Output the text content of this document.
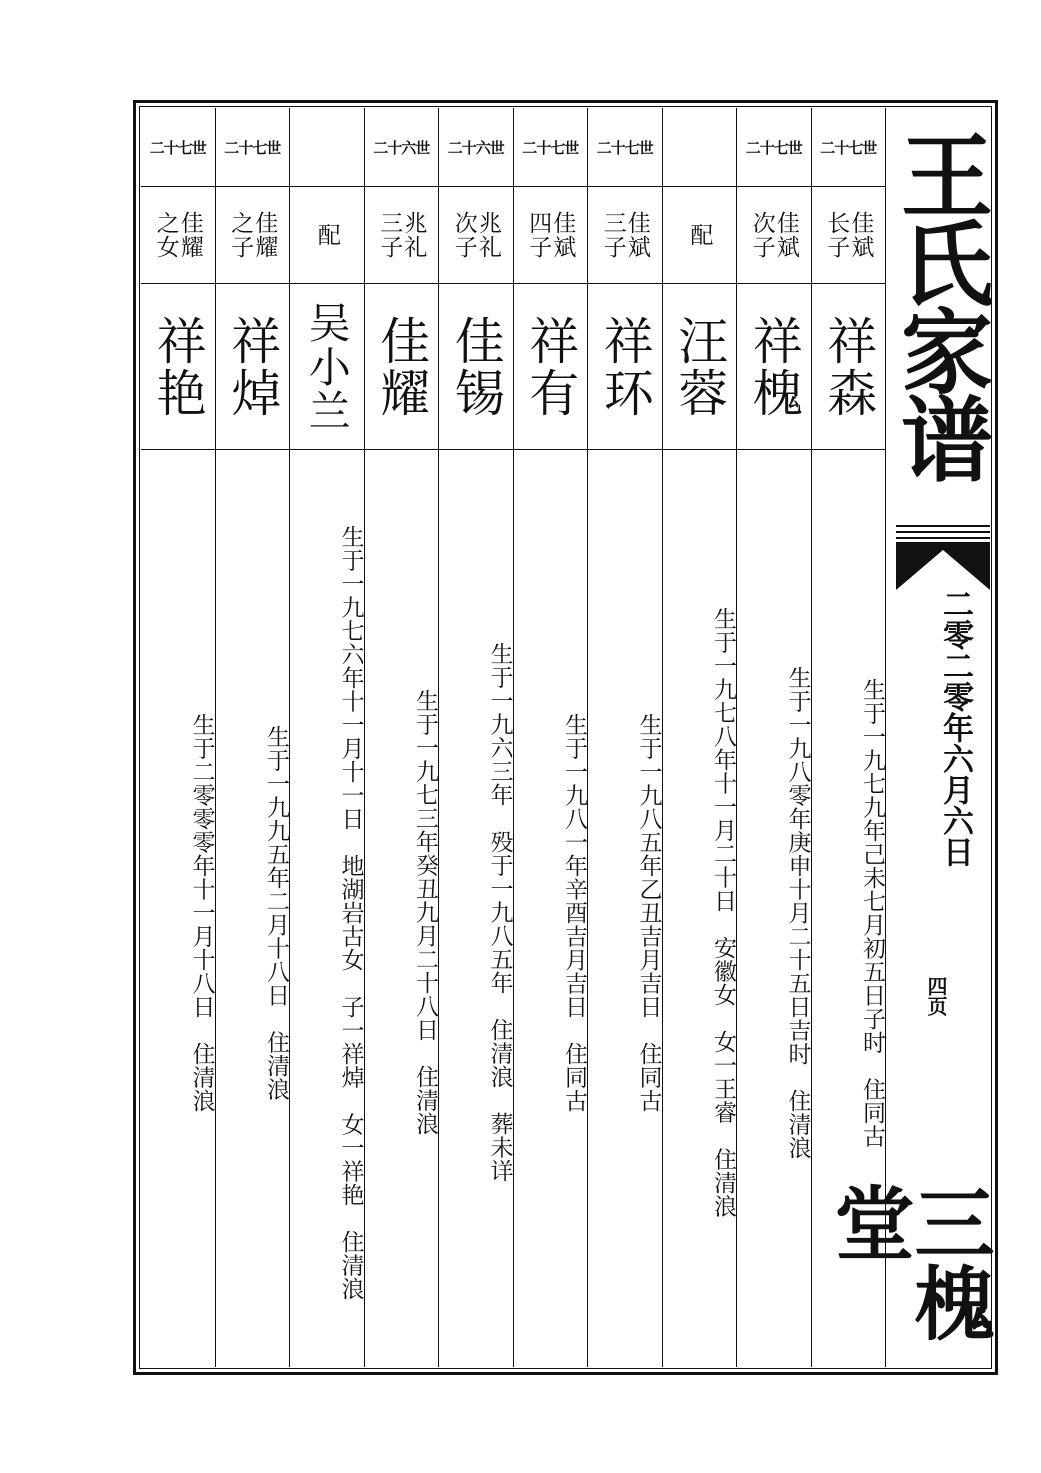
二十七世
佳斌
长子
祥森
生于一九七九年己未七月初五日子时　住同古
二十七世
佳斌
次子
祥槐
生于一九八零年庚申十月二十五日吉时　住清浪
配
汪蓉
生于一九七八年十一月二十日　安徽女　女一王睿　住清浪
二十七世
佳斌
三子
祥环
生于一九八五年乙丑吉月吉日　住同古
二十七世
佳斌
四子
祥有
生于一九八一年辛酉吉月吉日　住同古
二十六世
兆礼
次子
佳锡
生于一九六三年　殁于一九八五年　住清浪　葬未详
二十六世
兆礼
三子
佳耀
生于一九七三年癸丑九月二十八日　住清浪
配
吴小兰
生于一九七六年十一月十一日　地湖岩古女　子一祥焯　女一祥艳　住清浪
二十七世
佳耀
之子
祥焯
生于一九九五年二月十八日　住清浪
二十七世
佳耀
之女
祥艳
生于二零零零年十一月十八日　住清浪
王氏家谱
二零二零年六月六日
四页
三槐堂
